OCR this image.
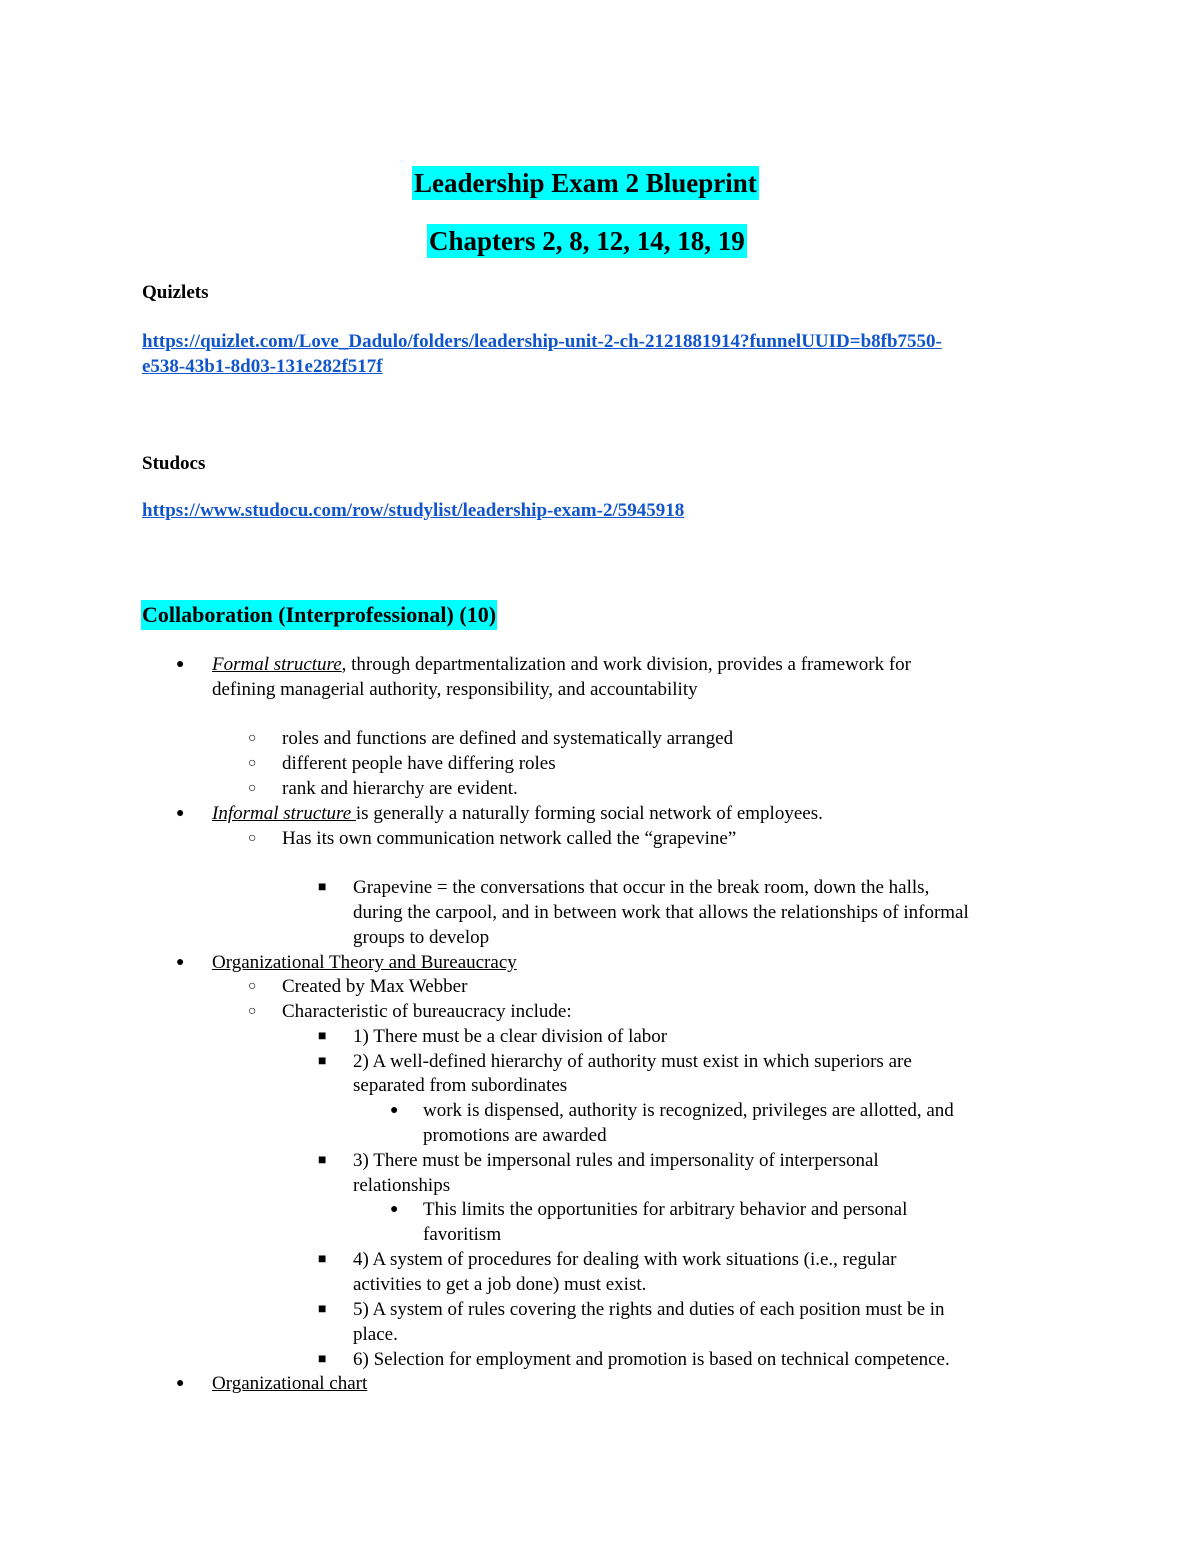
Leadership Exam 2 Blueprint
Chapters 2, 8, 12, 14, 18, 19
Quizlets
https://quizlet.com/Love_Dadulo/folders/leadership-unit-2-ch-2121881914?funnelUUID=b8fb7550-
e538-43b1-8d03-131e282f517f
Studocs
https://www.studocu.com/row/studylist/leadership-exam-2/5945918
Collaboration (Interprofessional) (10)
● Formal structure, through departmentalization and work division, provides a framework for
defining managerial authority, responsibility, and accountability
○ roles and functions are defined and systematically arranged
○ different people have differing roles
○ rank and hierarchy are evident.
● Informal structure is generally a naturally forming social network of employees.
○ Has its own communication network called the “grapevine”
■ Grapevine = the conversations that occur in the break room, down the halls,
during the carpool, and in between work that allows the relationships of informal
groups to develop
● Organizational Theory and Bureaucracy
○ Created by Max Webber
○ Characteristic of bureaucracy include:
■ 1) There must be a clear division of labor
■ 2) A well-defined hierarchy of authority must exist in which superiors are
separated from subordinates
● work is dispensed, authority is recognized, privileges are allotted, and
promotions are awarded
■ 3) There must be impersonal rules and impersonality of interpersonal
relationships
● This limits the opportunities for arbitrary behavior and personal
favoritism
■ 4) A system of procedures for dealing with work situations (i.e., regular
activities to get a job done) must exist.
■ 5) A system of rules covering the rights and duties of each position must be in
place.
■ 6) Selection for employment and promotion is based on technical competence.
● Organizational chart
